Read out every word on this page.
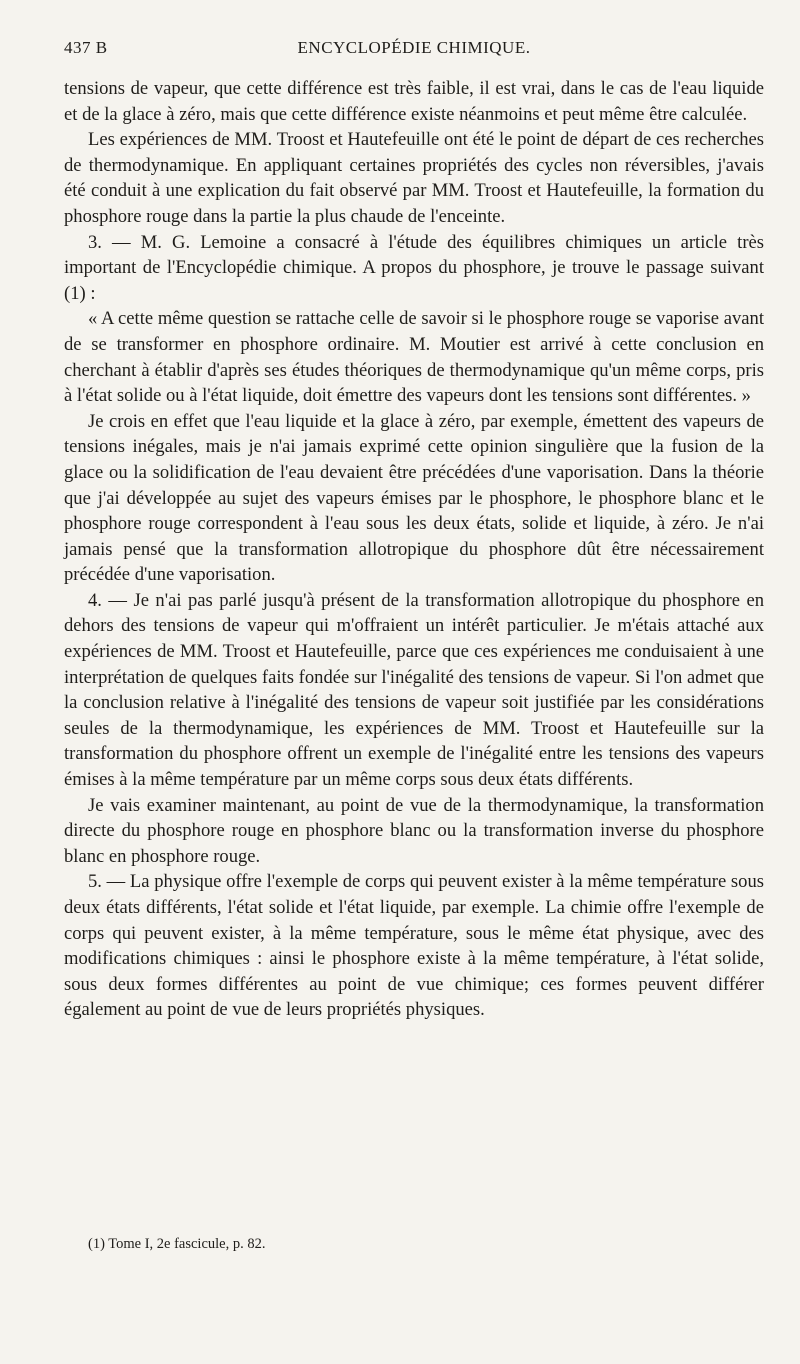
437 B	ENCYCLOPÉDIE CHIMIQUE.

tensions de vapeur, que cette différence est très faible, il est vrai, dans le cas de l'eau liquide et de la glace à zéro, mais que cette différence existe néanmoins et peut même être calculée.

Les expériences de MM. Troost et Hautefeuille ont été le point de départ de ces recherches de thermodynamique. En appliquant certaines propriétés des cycles non réversibles, j'avais été conduit à une explication du fait observé par MM. Troost et Hautefeuille, la formation du phosphore rouge dans la partie la plus chaude de l'enceinte.

3. — M. G. Lemoine a consacré à l'étude des équilibres chimiques un article très important de l'Encyclopédie chimique. A propos du phosphore, je trouve le passage suivant (1) :

« A cette même question se rattache celle de savoir si le phosphore rouge se vaporise avant de se transformer en phosphore ordinaire. M. Moutier est arrivé à cette conclusion en cherchant à établir d'après ses études théoriques de thermodynamique qu'un même corps, pris à l'état solide ou à l'état liquide, doit émettre des vapeurs dont les tensions sont différentes. »

Je crois en effet que l'eau liquide et la glace à zéro, par exemple, émettent des vapeurs de tensions inégales, mais je n'ai jamais exprimé cette opinion singulière que la fusion de la glace ou la solidification de l'eau devaient être précédées d'une vaporisation. Dans la théorie que j'ai développée au sujet des vapeurs émises par le phosphore, le phosphore blanc et le phosphore rouge correspondent à l'eau sous les deux états, solide et liquide, à zéro. Je n'ai jamais pensé que la transformation allotropique du phosphore dût être nécessairement précédée d'une vaporisation.

4. — Je n'ai pas parlé jusqu'à présent de la transformation allotropique du phosphore en dehors des tensions de vapeur qui m'offraient un intérêt particulier. Je m'étais attaché aux expériences de MM. Troost et Hautefeuille, parce que ces expériences me conduisaient à une interprétation de quelques faits fondée sur l'inégalité des tensions de vapeur. Si l'on admet que la conclusion relative à l'inégalité des tensions de vapeur soit justifiée par les considérations seules de la thermodynamique, les expériences de MM. Troost et Hautefeuille sur la transformation du phosphore offrent un exemple de l'inégalité entre les tensions des vapeurs émises à la même température par un même corps sous deux états différents.

Je vais examiner maintenant, au point de vue de la thermodynamique, la transformation directe du phosphore rouge en phosphore blanc ou la transformation inverse du phosphore blanc en phosphore rouge.

5. — La physique offre l'exemple de corps qui peuvent exister à la même température sous deux états différents, l'état solide et l'état liquide, par exemple. La chimie offre l'exemple de corps qui peuvent exister, à la même température, sous le même état physique, avec des modifications chimiques : ainsi le phosphore existe à la même température, à l'état solide, sous deux formes différentes au point de vue chimique; ces formes peuvent différer également au point de vue de leurs propriétés physiques.

(1) Tome I, 2e fascicule, p. 82.
